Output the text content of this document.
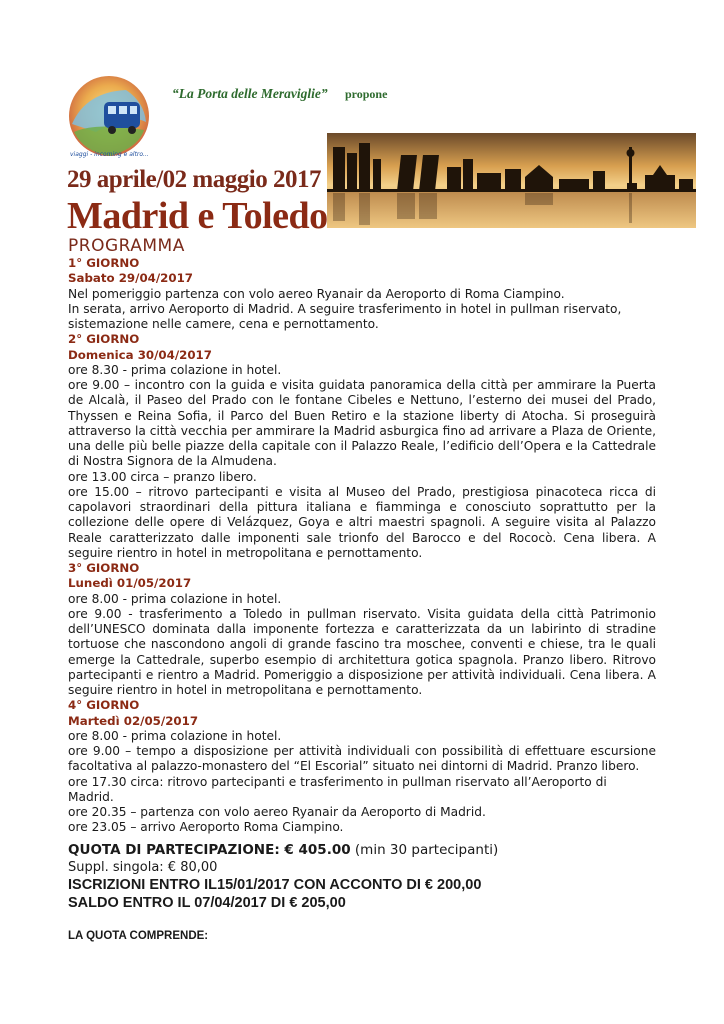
viaggi - incoming e altro...
“La Porta delle Meraviglie” propone
29 aprile/02 maggio 2017
Madrid e Toledo
PROGRAMMA
1° GIORNO
Sabato 29/04/2017

Nel pomeriggio partenza con volo aereo Ryanair da Aeroporto di Roma Ciampino.

In serata, arrivo Aeroporto di Madrid. A seguire trasferimento in hotel in pullman riservato, sistemazione nelle camere, cena e pernottamento.

2° GIORNO
Domenica 30/04/2017

ore 8.30 - prima colazione in hotel.

ore 9.00 – incontro con la guida e visita guidata panoramica della città per ammirare la Puerta de Alcalà, il Paseo del Prado con le fontane Cibeles e Nettuno, l’esterno dei musei del Prado, Thyssen e Reina Sofia, il Parco del Buen Retiro e la stazione liberty di Atocha. Si proseguirà attraverso la città vecchia per ammirare la Madrid asburgica fino ad arrivare a Plaza de Oriente, una delle più belle piazze della capitale con il Palazzo Reale, l’edificio dell’Opera e la Cattedrale di Nostra Signora de la Almudena.

ore 13.00 circa – pranzo libero.

ore 15.00 – ritrovo partecipanti e visita al Museo del Prado, prestigiosa pinacoteca ricca di capolavori straordinari della pittura italiana e fiamminga e conosciuto soprattutto per la collezione delle opere di Velázquez, Goya e altri maestri spagnoli. A seguire visita al Palazzo Reale caratterizzato dalle imponenti sale trionfo del Barocco e del Rococò. Cena libera. A seguire rientro in hotel in metropolitana e pernottamento.

3° GIORNO
Lunedì 01/05/2017

ore 8.00 - prima colazione in hotel.

ore 9.00 - trasferimento a Toledo in pullman riservato. Visita guidata della città Patrimonio dell’UNESCO dominata dalla imponente fortezza e caratterizzata da un labirinto di stradine tortuose che nascondono angoli di grande fascino tra moschee, conventi e chiese, tra le quali emerge la Cattedrale, superbo esempio di architettura gotica spagnola. Pranzo libero. Ritrovo partecipanti e rientro a Madrid. Pomeriggio a disposizione per attività individuali. Cena libera. A seguire rientro in hotel in metropolitana e pernottamento.

4° GIORNO
Martedì 02/05/2017

ore 8.00 - prima colazione in hotel.

ore 9.00 – tempo a disposizione per attività individuali con possibilità di effettuare escursione facoltativa al palazzo-monastero del “El Escorial” situato nei dintorni di Madrid. Pranzo libero.

ore 17.30 circa: ritrovo partecipanti e trasferimento in pullman riservato all’Aeroporto di Madrid.

ore 20.35 – partenza con volo aereo Ryanair da Aeroporto di Madrid.

ore 23.05 – arrivo Aeroporto Roma Ciampino.

QUOTA DI PARTECIPAZIONE: € 405.00 (min 30 partecipanti)
Suppl. singola: € 80,00
ISCRIZIONI ENTRO IL15/01/2017 CON ACCONTO DI € 200,00
SALDO ENTRO IL 07/04/2017 DI € 205,00
LA QUOTA COMPRENDE:
